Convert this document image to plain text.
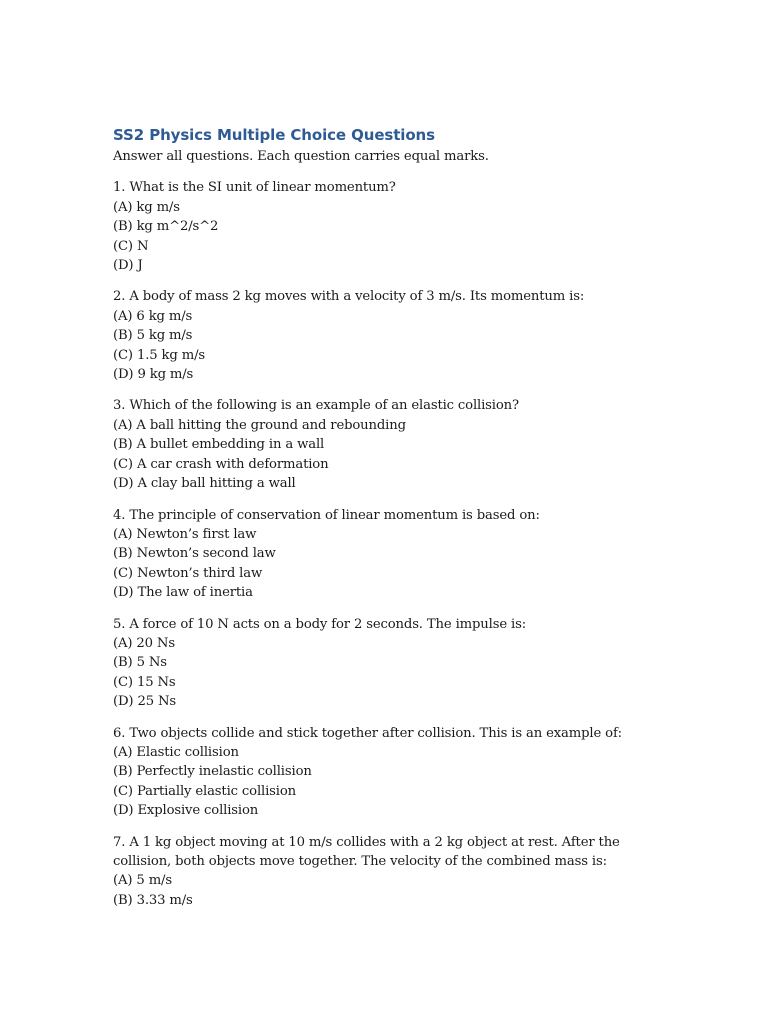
SS2 Physics Multiple Choice Questions
Answer all questions. Each question carries equal marks.
1. What is the SI unit of linear momentum?
(A) kg m/s
(B) kg m^2/s^2
(C) N
(D) J
2. A body of mass 2 kg moves with a velocity of 3 m/s. Its momentum is:
(A) 6 kg m/s
(B) 5 kg m/s
(C) 1.5 kg m/s
(D) 9 kg m/s
3. Which of the following is an example of an elastic collision?
(A) A ball hitting the ground and rebounding
(B) A bullet embedding in a wall
(C) A car crash with deformation
(D) A clay ball hitting a wall
4. The principle of conservation of linear momentum is based on:
(A) Newton’s first law
(B) Newton’s second law
(C) Newton’s third law
(D) The law of inertia
5. A force of 10 N acts on a body for 2 seconds. The impulse is:
(A) 20 Ns
(B) 5 Ns
(C) 15 Ns
(D) 25 Ns
6. Two objects collide and stick together after collision. This is an example of:
(A) Elastic collision
(B) Perfectly inelastic collision
(C) Partially elastic collision
(D) Explosive collision
7. A 1 kg object moving at 10 m/s collides with a 2 kg object at rest. After the collision, both objects move together. The velocity of the combined mass is:
(A) 5 m/s
(B) 3.33 m/s
